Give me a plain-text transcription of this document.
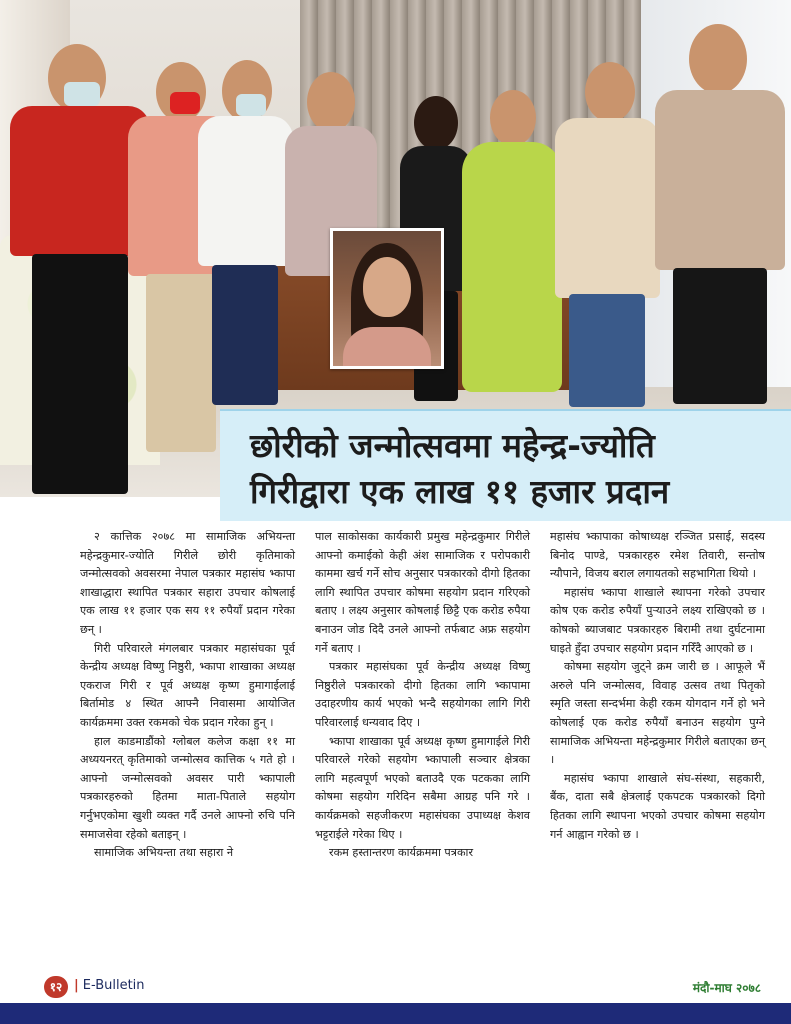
छोरीको जन्मोत्सवमा महेन्द्र-ज्योति
गिरीद्वारा एक लाख ११ हजार प्रदान

२ कात्तिक २०७८ मा सामाजिक अभियन्ता महेन्द्रकुमार-ज्योति गिरीले छोरी कृतिमाको जन्मोत्सवको अवसरमा नेपाल पत्रकार महासंघ भ्कापा शाखाद्धारा स्थापित पत्रकार सहारा उपचार कोषलाई एक लाख ११ हजार एक सय ११ रुपैयाँ प्रदान गरेका छन् ।

गिरी परिवारले मंगलबार पत्रकार महासंघका पूर्व केन्द्रीय अध्यक्ष विष्णु निष्ठुरी, भ्कापा शाखाका अध्यक्ष एकराज गिरी र पूर्व अध्यक्ष कृष्ण हुमागाईलाई बिर्तामोड ४ स्थित आफ्नै निवासमा आयोजित कार्यक्रममा उक्त रकमको चेक प्रदान गरेका हुन् ।

हाल काडमाडौंको ग्लोबल कलेज कक्षा ११ मा अध्ययनरत् कृतिमाको जन्मोत्सव कात्तिक ५ गते हो । आफ्नो जन्मोत्सवको अवसर पारी भ्कापाली पत्रकारहरुको हितमा माता-पिताले सहयोग गर्नुभएकोमा खुशी व्यक्त गर्दै उनले आफ्नो रुचि पनि समाजसेवा रहेको बताइन् ।

सामाजिक अभियन्ता तथा सहारा ने

पाल साकोसका कार्यकारी प्रमुख महेन्द्रकुमार गिरीले आफ्नो कमाईको केही अंश सामाजिक र परोपकारी काममा खर्च गर्ने सोच अनुसार पत्रकारको दीगो हितका लागि स्थापित उपचार कोषमा सहयोग प्रदान गरिएको बताए । लक्ष्य अनुसार कोषलाई छिट्टै एक करोड रुपैया बनाउन जोड दिदै उनले आफ्नो तर्फबाट अफ्र सहयोग गर्ने बताए ।

पत्रकार महासंघका पूर्व केन्द्रीय अध्यक्ष विष्णु निष्ठुरीले पत्रकारको दीगो हितका लागि भ्कापामा उदाहरणीय कार्य भएको भन्दै सहयोगका लागि गिरी परिवारलाई धन्यवाद दिए ।

भ्कापा शाखाका पूर्व अध्यक्ष कृष्ण हुमागाईले गिरी परिवारले गरेको सहयोग भ्कापाली सञ्चार क्षेत्रका लागि महत्वपूर्ण भएको बताउदै एक पटकका लागि कोषमा सहयोग गरिदिन सबैमा आग्रह पनि गरे । कार्यक्रमको सहजीकरण महासंघका उपाध्यक्ष केशव भट्टराईले गरेका थिए ।

रकम हस्तान्तरण कार्यक्रममा पत्रकार

महासंघ भ्कापाका कोषाध्यक्ष रञ्जित प्रसाई, सदस्य बिनोद पाण्डे, पत्रकारहरु रमेश तिवारी, सन्तोष न्यौपाने, विजय बराल लगायतको सहभागिता थियो ।

महासंघ भ्कापा शाखाले स्थापना गरेको उपचार कोष एक करोड रुपैयाँ पुऱ्याउने लक्ष्य राखिएको छ । कोषको ब्याजबाट पत्रकारहरु बिरामी तथा दुर्घटनामा घाइते हुँदा उपचार सहयोग प्रदान गरिँदै आएको छ ।

कोषमा सहयोग जुट्ने क्रम जारी छ । आफूले भैं अरुले पनि जन्मोत्सव, विवाह उत्सव तथा पितृको स्मृति जस्ता सन्दर्भमा केही रकम योगदान गर्ने हो भने कोषलाई एक करोड रुपैयाँ बनाउन सहयोग पुग्ने सामाजिक अभियन्ता महेन्द्रकुमार गिरीले बताएका छन् ।

महासंघ भ्कापा शाखाले संघ-संस्था, सहकारी, बैंक, दाता सबै क्षेत्रलाई एकपटक पत्रकारको दिगो हितका लागि स्थापना भएको उपचार कोषमा सहयोग गर्न आह्वान गरेको छ ।

१२ | E-Bulletin	मंदौ-माघ २०७८
